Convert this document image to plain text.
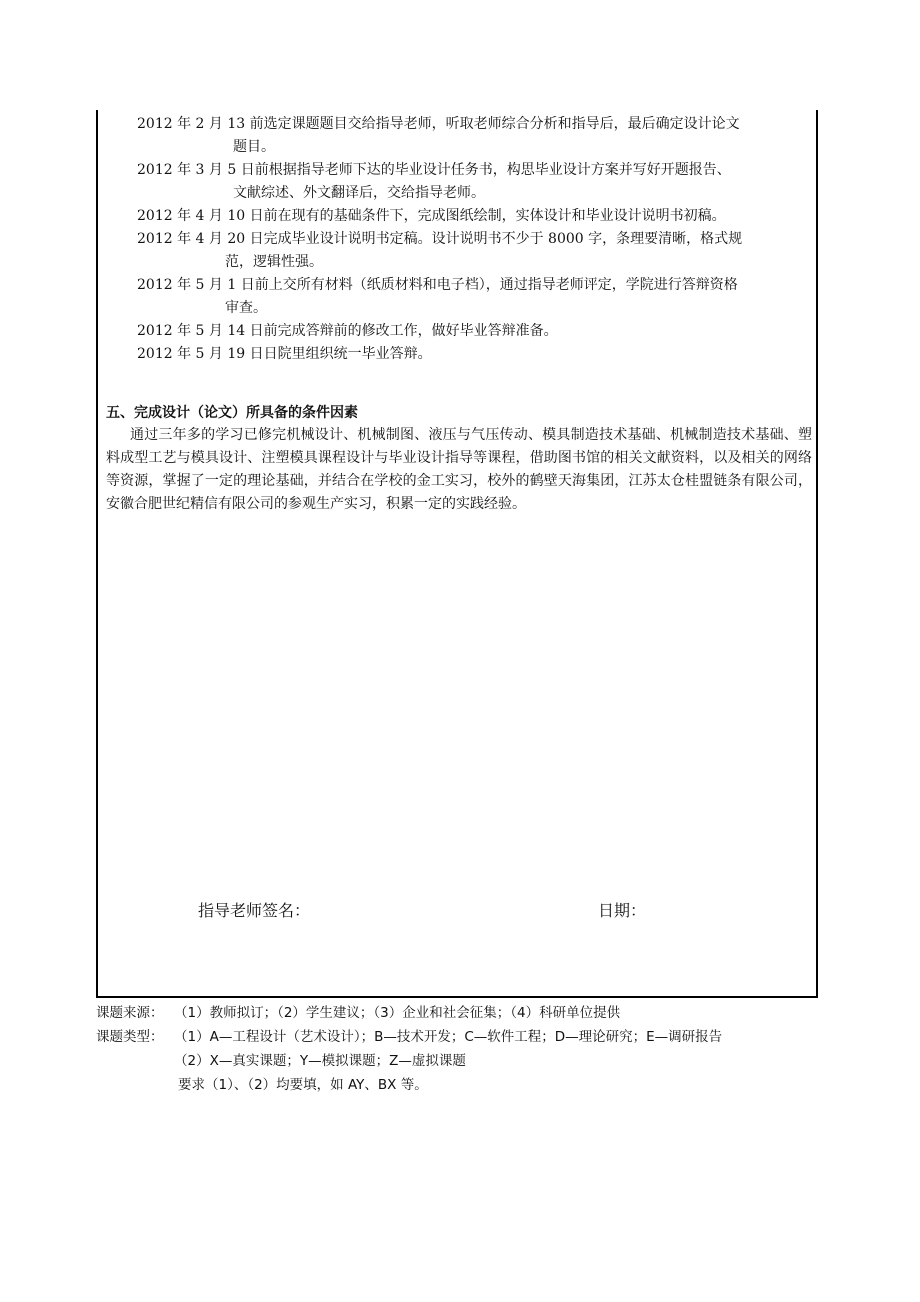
2012 年 2 月 13 前选定课题题目交给指导老师，听取老师综合分析和指导后，最后确定设计论文
题目。

2012 年 3 月 5 日前根据指导老师下达的毕业设计任务书，构思毕业设计方案并写好开题报告、
文献综述、外文翻译后，交给指导老师。

2012 年 4 月 10 日前在现有的基础条件下，完成图纸绘制，实体设计和毕业设计说明书初稿。

2012 年 4 月 20 日完成毕业设计说明书定稿。设计说明书不少于 8000 字，条理要清晰，格式规
范，逻辑性强。

2012 年 5 月 1 日前上交所有材料（纸质材料和电子档），通过指导老师评定，学院进行答辩资格
审查。

2012 年 5 月 14 日前完成答辩前的修改工作，做好毕业答辩准备。

2012 年 5 月 19 日日院里组织统一毕业答辩。

五、完成设计（论文）所具备的条件因素
通过三年多的学习已修完机械设计、机械制图、液压与气压传动、模具制造技术基础、机械制造技术基础、塑料成型工艺与模具设计、注塑模具课程设计与毕业设计指导等课程，借助图书馆的相关文献资料，以及相关的网络等资源，掌握了一定的理论基础，并结合在学校的金工实习，校外的鹤壁天海集团，江苏太仓桂盟链条有限公司，安徽合肥世纪精信有限公司的参观生产实习，积累一定的实践经验。
指导老师签名：	日期：
课题来源： （1）教师拟订；（2）学生建议；（3）企业和社会征集；（4）科研单位提供
课题类型： （1）A—工程设计（艺术设计）；B—技术开发；C—软件工程；D—理论研究；E—调研报告
（2）X—真实课题；Y—模拟课题；Z—虚拟课题
要求（1）、（2）均要填，如 AY、BX 等。
